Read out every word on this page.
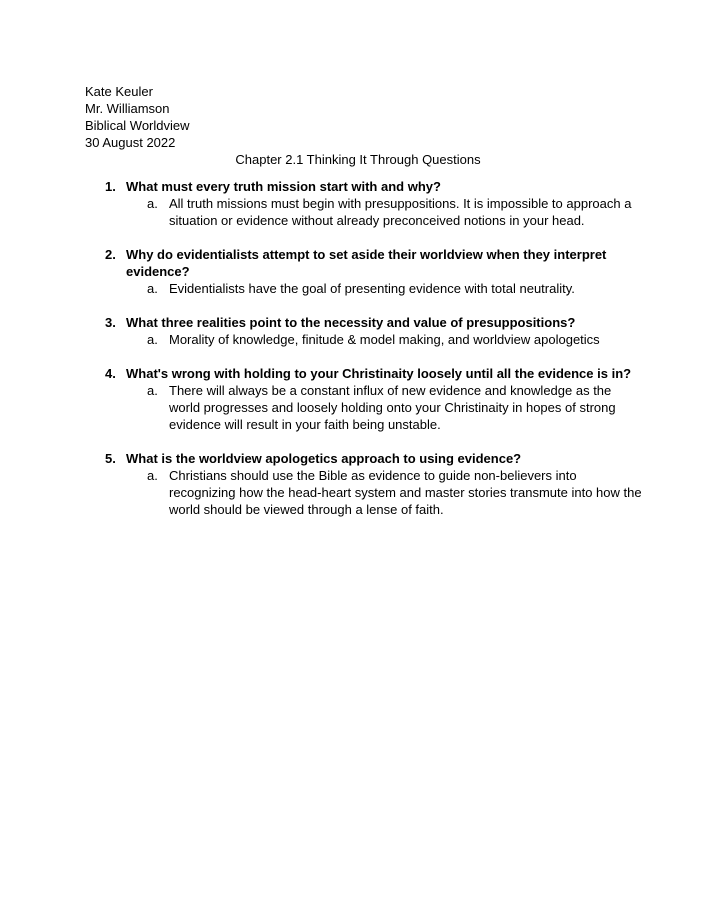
Kate Keuler
Mr. Williamson
Biblical Worldview
30 August 2022
Chapter 2.1 Thinking It Through Questions
1. What must every truth mission start with and why?
a. All truth missions must begin with presuppositions. It is impossible to approach a situation or evidence without already preconceived notions in your head.
2. Why do evidentialists attempt to set aside their worldview when they interpret evidence?
a. Evidentialists have the goal of presenting evidence with total neutrality.
3. What three realities point to the necessity and value of presuppositions?
a. Morality of knowledge, finitude & model making, and worldview apologetics
4. What's wrong with holding to your Christinaity loosely until all the evidence is in?
a. There will always be a constant influx of new evidence and knowledge as the world progresses and loosely holding onto your Christinaity in hopes of strong evidence will result in your faith being unstable.
5. What is the worldview apologetics approach to using evidence?
a. Christians should use the Bible as evidence to guide non-believers into recognizing how the head-heart system and master stories transmute into how the world should be viewed through a lense of faith.
